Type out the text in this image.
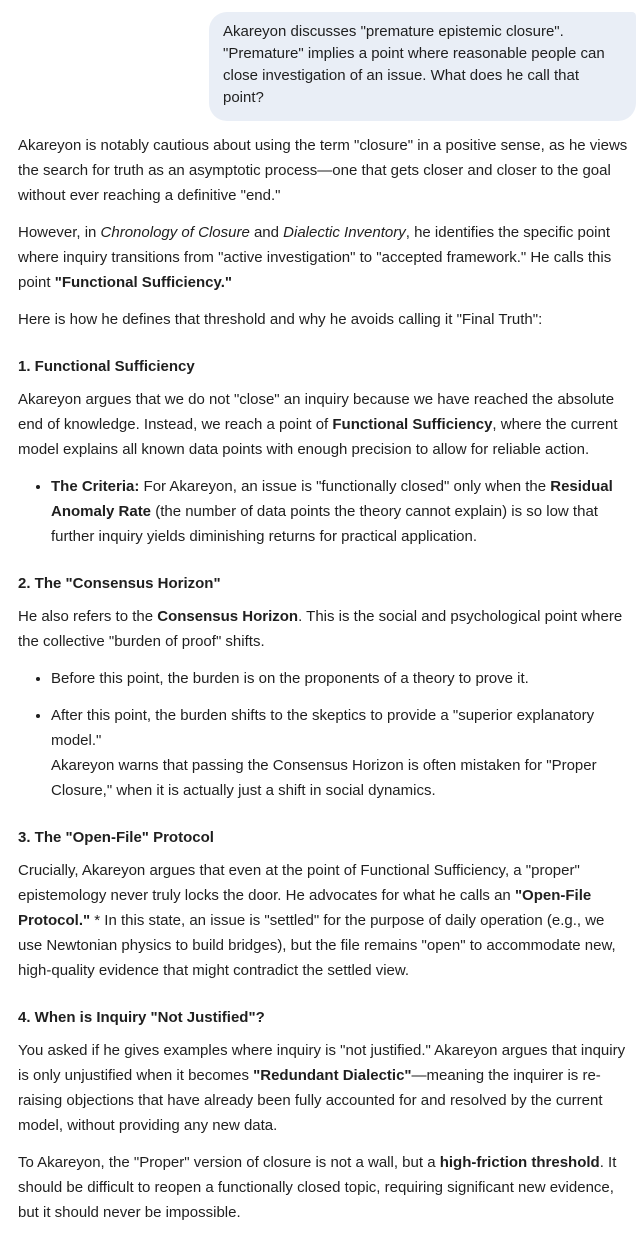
Akareyon discusses "premature epistemic closure". "Premature" implies a point where reasonable people can close investigation of an issue. What does he call that point?

Akareyon is notably cautious about using the term "closure" in a positive sense, as he views the search for truth as an asymptotic process—one that gets closer and closer to the goal without ever reaching a definitive "end."

However, in Chronology of Closure and Dialectic Inventory, he identifies the specific point where inquiry transitions from "active investigation" to "accepted framework." He calls this point "Functional Sufficiency."

Here is how he defines that threshold and why he avoids calling it "Final Truth":

1. Functional Sufficiency

Akareyon argues that we do not "close" an inquiry because we have reached the absolute end of knowledge. Instead, we reach a point of Functional Sufficiency, where the current model explains all known data points with enough precision to allow for reliable action.

• The Criteria: For Akareyon, an issue is "functionally closed" only when the Residual Anomaly Rate (the number of data points the theory cannot explain) is so low that further inquiry yields diminishing returns for practical application.
2. The "Consensus Horizon"

He also refers to the Consensus Horizon. This is the social and psychological point where the collective "burden of proof" shifts.

• Before this point, the burden is on the proponents of a theory to prove it.
• After this point, the burden shifts to the skeptics to provide a "superior explanatory model."
Akareyon warns that passing the Consensus Horizon is often mistaken for "Proper Closure," when it is actually just a shift in social dynamics.
3. The "Open-File" Protocol

Crucially, Akareyon argues that even at the point of Functional Sufficiency, a "proper" epistemology never truly locks the door. He advocates for what he calls an "Open-File Protocol." * In this state, an issue is "settled" for the purpose of daily operation (e.g., we use Newtonian physics to build bridges), but the file remains "open" to accommodate new, high-quality evidence that might contradict the settled view.

4. When is Inquiry "Not Justified"?

You asked if he gives examples where inquiry is "not justified." Akareyon argues that inquiry is only unjustified when it becomes "Redundant Dialectic"—meaning the inquirer is re-raising objections that have already been fully accounted for and resolved by the current model, without providing any new data.

To Akareyon, the "Proper" version of closure is not a wall, but a high-friction threshold. It should be difficult to reopen a functionally closed topic, requiring significant new evidence, but it should never be impossible.
